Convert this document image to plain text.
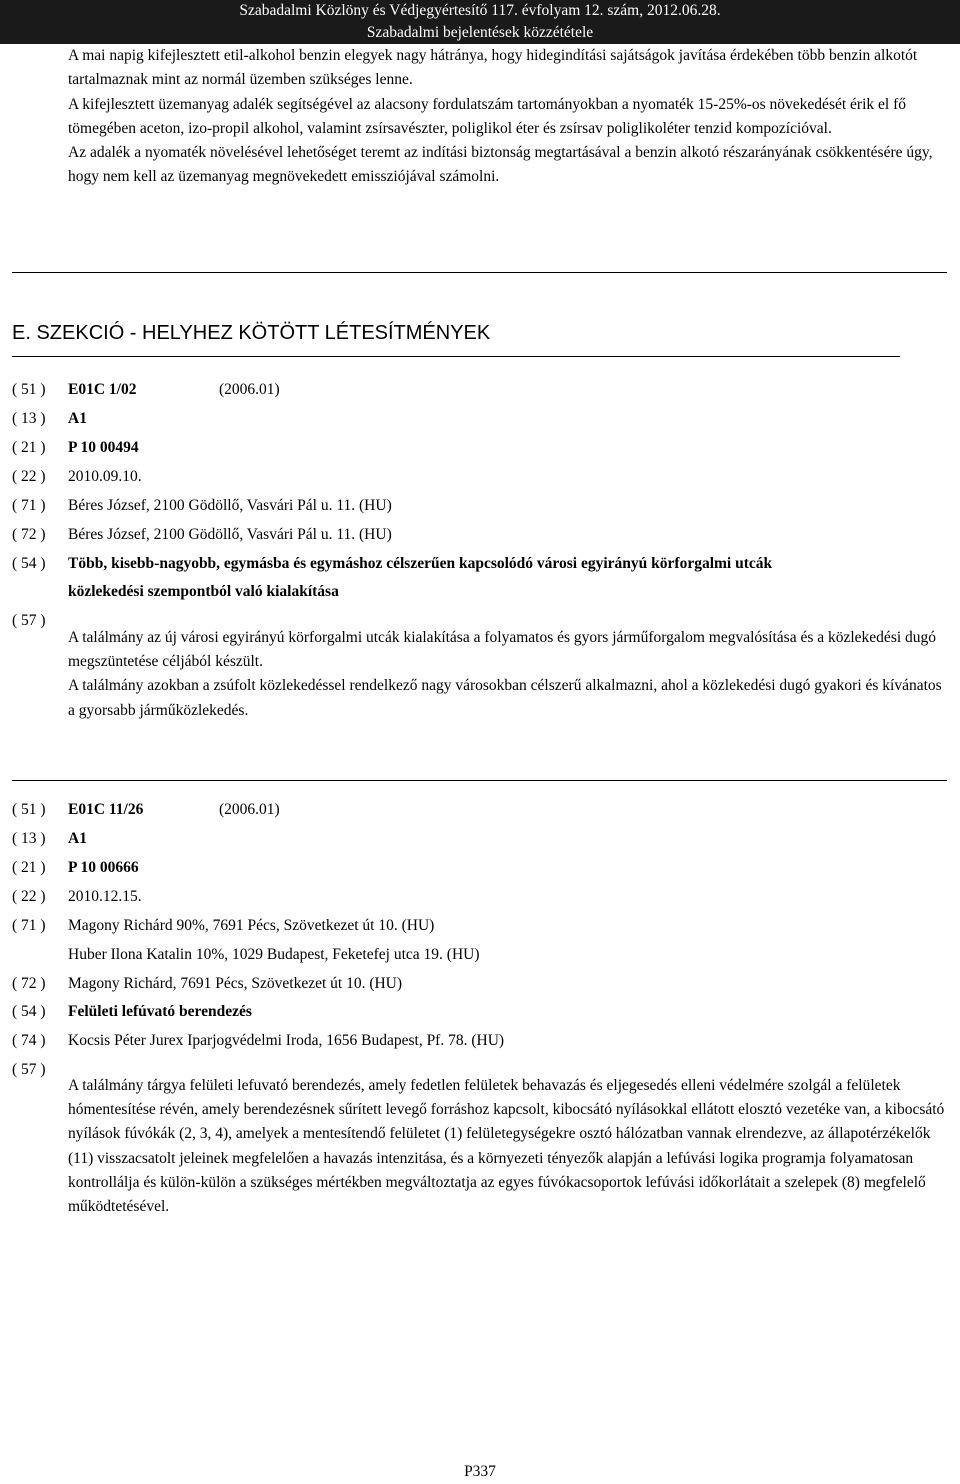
Szabadalmi Közlöny és Védjegyértesítő 117. évfolyam 12. szám, 2012.06.28.
Szabadalmi bejelentések közzététele

A mai napig kifejlesztett etil-alkohol benzin elegyek nagy hátránya, hogy hidegindítási sajátságok javítása érdekében több benzin alkotót tartalmaznak mint az normál üzemben szükséges lenne.

A kifejlesztett üzemanyag adalék segítségével az alacsony fordulatszám tartományokban a nyomaték 15-25%-os növekedését érik el fő tömegében aceton, izo-propil alkohol, valamint zsírsavészter, poliglikol éter és zsírsav poliglikoléter tenzid kompozícióval.

Az adalék a nyomaték növelésével lehetőséget teremt az indítási biztonság megtartásával a benzin alkotó részarányának csökkentésére úgy, hogy nem kell az üzemanyag megnövekedett emissziójával számolni.

E. SZEKCIÓ - HELYHEZ KÖTÖTT LÉTESÍTMÉNYEK
( 51 )	E01C 1/02	(2006.01)
( 13 )	A1
( 21 )	P 10 00494
( 22 )	2010.09.10.
( 71 )	Béres József, 2100 Gödöllő, Vasvári Pál u. 11. (HU)
( 72 )	Béres József, 2100 Gödöllő, Vasvári Pál u. 11. (HU)
( 54 )	Több, kisebb-nagyobb, egymásba és egymáshoz célszerűen kapcsolódó városi egyirányú körforgalmi utcák
közlekedési szempontból való kialakítása
( 57 )

A találmány az új városi egyirányú körforgalmi utcák kialakítása a folyamatos és gyors járműforgalom megvalósítása és a közlekedési dugó megszüntetése céljából készült.

A találmány azokban a zsúfolt közlekedéssel rendelkező nagy városokban célszerű alkalmazni, ahol a közlekedési dugó gyakori és kívánatos a gyorsabb járműközlekedés.

( 51 )	E01C 11/26	(2006.01)
( 13 )	A1
( 21 )	P 10 00666
( 22 )	2010.12.15.
( 71 )	Magony Richárd 90%, 7691 Pécs, Szövetkezet út 10. (HU)
Huber Ilona Katalin 10%, 1029 Budapest, Feketefej utca 19. (HU)
( 72 )	Magony Richárd, 7691 Pécs, Szövetkezet út 10. (HU)
( 54 )	Felületi lefúvató berendezés
( 74 )	Kocsis Péter Jurex Iparjogvédelmi Iroda, 1656 Budapest, Pf. 78. (HU)
( 57 )

A találmány tárgya felületi lefuvató berendezés, amely fedetlen felületek behavazás és eljegesedés elleni védelmére szolgál a felületek hómentesítése révén, amely berendezésnek sűrített levegő forráshoz kapcsolt, kibocsátó nyílásokkal ellátott elosztó vezetéke van, a kibocsátó nyílások fúvókák (2, 3, 4), amelyek a mentesítendő felületet (1) felületegységekre osztó hálózatban vannak elrendezve, az állapotérzékelők (11) visszacsatolt jeleinek megfelelően a havazás intenzitása, és a környezeti tényezők alapján a lefúvási logika programja folyamatosan kontrollálja és külön-külön a szükséges mértékben megváltoztatja az egyes fúvókacsoportok lefúvási időkorlátait a szelepek (8) megfelelő működtetésével.

P337
